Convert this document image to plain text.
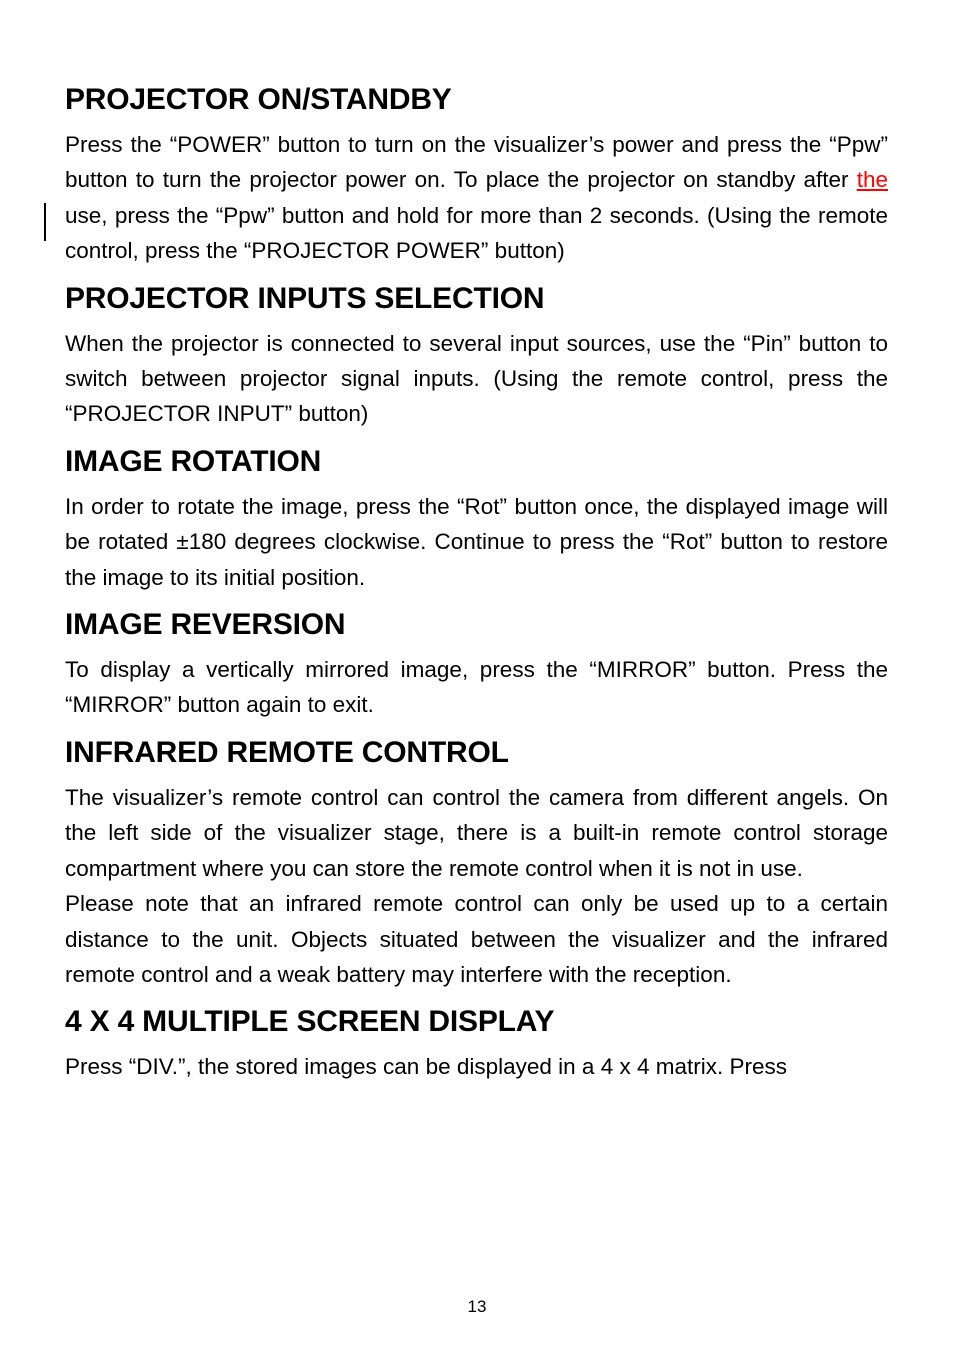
PROJECTOR ON/STANDBY

Press the “POWER” button to turn on the visualizer’s power and press the “Ppw” button to turn the projector power on. To place the projector on standby after the use, press the “Ppw” button and hold for more than 2 seconds. (Using the remote control, press the “PROJECTOR POWER” button)

PROJECTOR INPUTS SELECTION

When the projector is connected to several input sources, use the “Pin” button to switch between projector signal inputs. (Using the remote control, press the “PROJECTOR INPUT” button)

IMAGE ROTATION

In order to rotate the image, press the “Rot” button once, the displayed image will be rotated ±180 degrees clockwise. Continue to press the “Rot” button to restore the image to its initial position.

IMAGE REVERSION

To display a vertically mirrored image, press the “MIRROR” button. Press the “MIRROR” button again to exit.

INFRARED REMOTE CONTROL

The visualizer’s remote control can control the camera from different angels. On the left side of the visualizer stage, there is a built-in remote control storage compartment where you can store the remote control when it is not in use.

Please note that an infrared remote control can only be used up to a certain distance to the unit. Objects situated between the visualizer and the infrared remote control and a weak battery may interfere with the reception.

4 X 4 MULTIPLE SCREEN DISPLAY

Press “DIV.”, the stored images can be displayed in a 4 x 4 matrix. Press

13
